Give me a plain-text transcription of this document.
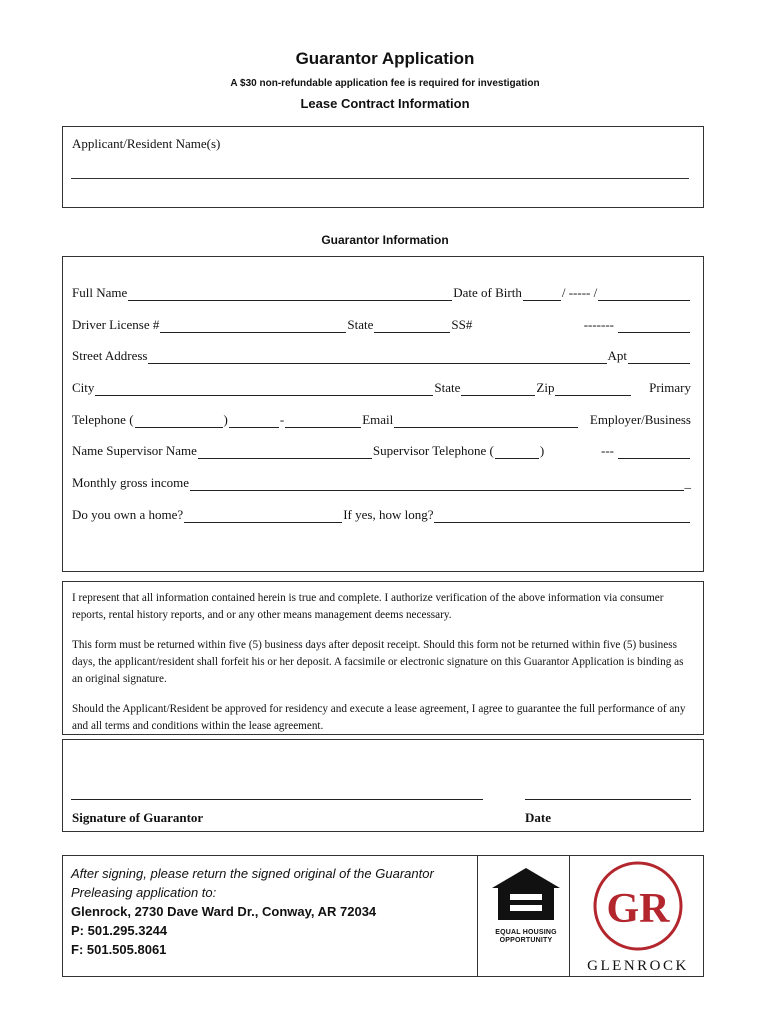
Guarantor Application
A $30 non-refundable application fee is required for investigation
Lease Contract Information
Applicant/Resident Name(s)
Guarantor Information
Full Name	Date of Birth	/ ----- /
Driver License #	State	SS#	-------
Street Address	Apt
City	State	Zip	Primary
Telephone (	)	-	Email	Employer/Business
Name Supervisor Name	Supervisor Telephone (	)	---
Monthly gross income	_
Do you own a home?	If yes, how long?

I represent that all information contained herein is true and complete. I authorize verification of the above information via consumer reports, rental history reports, and or any other means management deems necessary.

This form must be returned within five (5) business days after deposit receipt. Should this form not be returned within five (5) business days, the applicant/resident shall forfeit his or her deposit. A facsimile or electronic signature on this Guarantor Application is binding as an original signature.

Should the Applicant/Resident be approved for residency and execute a lease agreement, I agree to guarantee the full performance of any and all terms and conditions within the lease agreement.

Signature of Guarantor	Date
After signing, please return the signed original of the Guarantor
Preleasing application to:
Glenrock, 2730 Dave Ward Dr., Conway, AR 72034
P: 501.295.3244
F: 501.505.8061
EQUAL HOUSING
OPPORTUNITY
GR
GLENROCK
